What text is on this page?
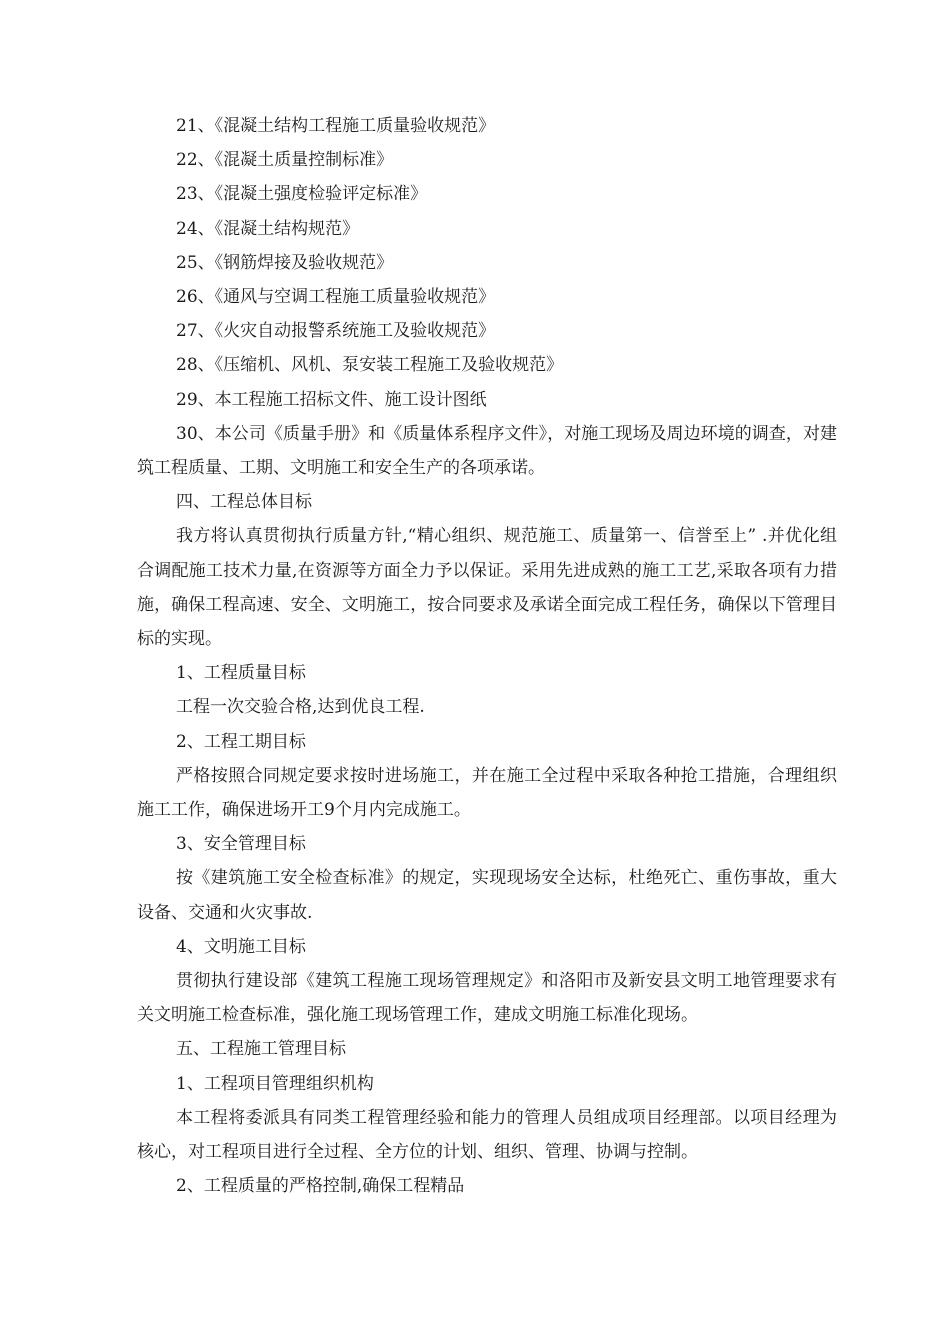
21、《混凝土结构工程施工质量验收规范》

22、《混凝土质量控制标准》

23、《混凝土强度检验评定标准》

24、《混凝土结构规范》

25、《钢筋焊接及验收规范》

26、《通风与空调工程施工质量验收规范》

27、《火灾自动报警系统施工及验收规范》

28、《压缩机、风机、泵安装工程施工及验收规范》

29、本工程施工招标文件、施工设计图纸

30、本公司《质量手册》和《质量体系程序文件》，对施工现场及周边环境的调查，对建筑工程质量、工期、文明施工和安全生产的各项承诺。

四、工程总体目标

我方将认真贯彻执行质量方针,“精心组织、规范施工、质量第一、信誉至上” .并优化组合调配施工技术力量,在资源等方面全力予以保证。采用先进成熟的施工工艺,采取各项有力措施，确保工程高速、安全、文明施工，按合同要求及承诺全面完成工程任务，确保以下管理目标的实现。

1、工程质量目标

工程一次交验合格,达到优良工程.

2、工程工期目标

严格按照合同规定要求按时进场施工，并在施工全过程中采取各种抢工措施，合理组织施工工作，确保进场开工9个月内完成施工。

3、安全管理目标

按《建筑施工安全检查标准》的规定，实现现场安全达标，杜绝死亡、重伤事故，重大设备、交通和火灾事故.

4、文明施工目标

贯彻执行建设部《建筑工程施工现场管理规定》和洛阳市及新安县文明工地管理要求有关文明施工检查标准，强化施工现场管理工作，建成文明施工标准化现场。

五、工程施工管理目标

1、工程项目管理组织机构

本工程将委派具有同类工程管理经验和能力的管理人员组成项目经理部。以项目经理为核心，对工程项目进行全过程、全方位的计划、组织、管理、协调与控制。

2、工程质量的严格控制,确保工程精品
